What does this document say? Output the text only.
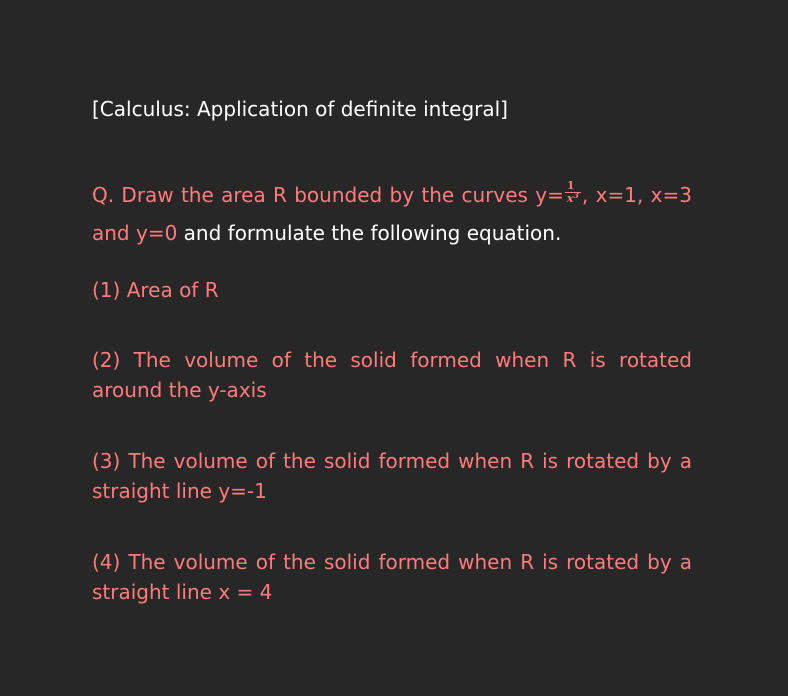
[Calculus: Application of definite integral]

Q. Draw the area R bounded by the curves $y= \frac{1}{x^3}$ , x=1, x=3 and y=0 and formulate the following equation.
(1) Area of R
(2) The volume of the solid formed when R is rotated around the y-axis
(3) The volume of the solid formed when R is rotated by a straight line y=-1
(4) The volume of the solid formed when R is rotated by a straight line x = 4
